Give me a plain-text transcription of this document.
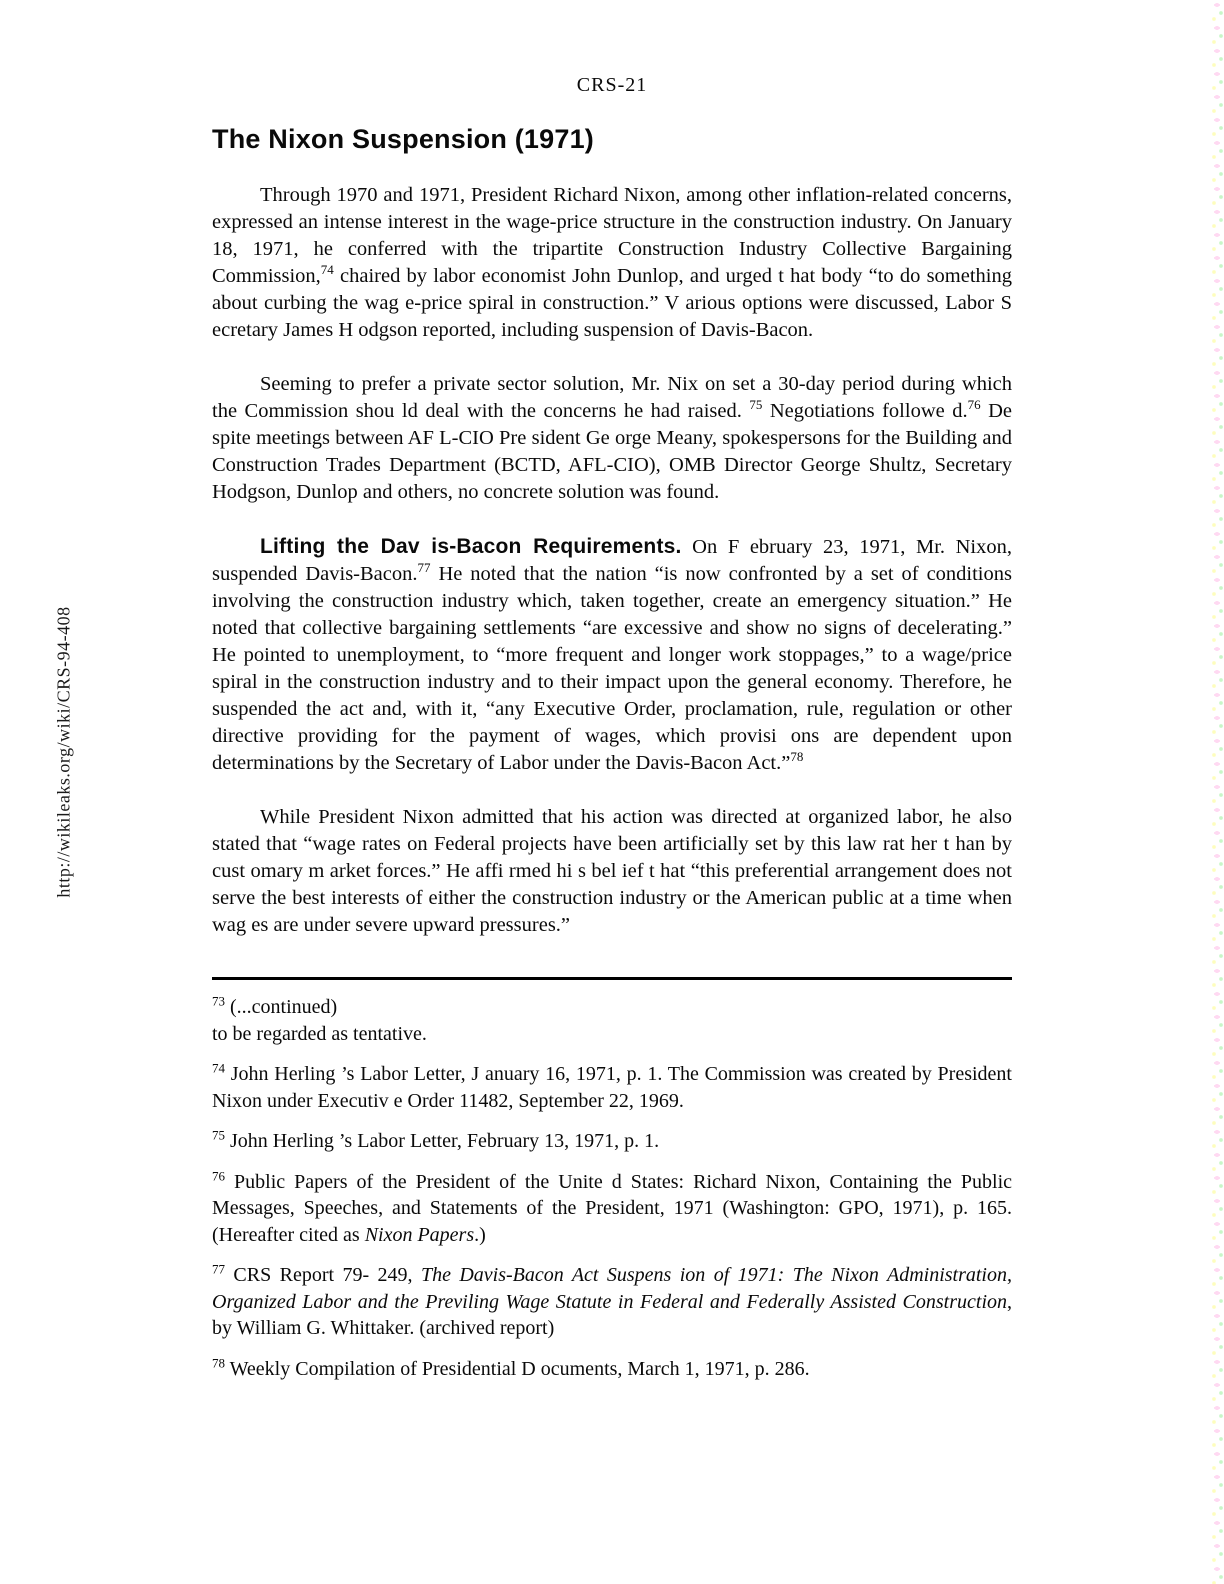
http://wikileaks.org/wiki/CRS-94-408
CRS-21
The Nixon Suspension (1971)

Through 1970 and 1971, President Richard Nixon, among other inflation-related concerns, expressed an intense interest in the wage-price structure in the construction industry. On January 18, 1971, he conferred with the tripartite Construction Industry Collective Bargaining Commission,$^{74}$ chaired by labor economist John Dunlop, and urged t hat body “to do something about curbing the wag e-price spiral in construction.” V arious options were discussed, Labor S ecretary James H odgson reported, including suspension of Davis-Bacon.

Seeming to prefer a private sector solution, Mr. Nix on set a 30-day period during which the Commission shou ld deal with the concerns he had raised. $^{75}$ Negotiations followe d.$^{76}$ De spite meetings between AF L-CIO Pre sident Ge orge Meany, spokespersons for the Building and Construction Trades Department (BCTD, AFL-CIO), OMB Director George Shultz, Secretary Hodgson, Dunlop and others, no concrete solution was found.

Lifting the Dav is-Bacon Requirements. On F ebruary 23, 1971, Mr. Nixon, suspended Davis-Bacon.$^{77}$ He noted that the nation “is now confronted by a set of conditions involving the construction industry which, taken together, create an emergency situation.” He noted that collective bargaining settlements “are excessive and show no signs of decelerating.” He pointed to unemployment, to “more frequent and longer work stoppages,” to a wage/price spiral in the construction industry and to their impact upon the general economy. Therefore, he suspended the act and, with it, “any Executive Order, proclamation, rule, regulation or other directive providing for the payment of wages, which provisi ons are dependent upon determinations by the Secretary of Labor under the Davis-Bacon Act.”$^{78}$

While President Nixon admitted that his action was directed at organized labor, he also stated that “wage rates on Federal projects have been artificially set by this law rat her t han by cust omary m arket forces.” He affi rmed hi s bel ief t hat “this preferential arrangement does not serve the best interests of either the construction industry or the American public at a time when wag es are under severe upward pressures.”

$^{73}$ (...continued)
to be regarded as tentative.

$^{74}$ John Herling ’s Labor Letter, J anuary 16, 1971, p. 1. The Commission was created by President Nixon under Executiv e Order 11482, September 22, 1969.

$^{75}$ John Herling ’s Labor Letter, February 13, 1971, p. 1.

$^{76}$ Public Papers of the President of the Unite d States: Richard Nixon, Containing the Public Messages, Speeches, and Statements of the President, 1971 (Washington: GPO, 1971), p. 165. (Hereafter cited as Nixon Papers.)

$^{77}$ CRS Report 79- 249, The Davis-Bacon Act Suspens ion of 1971: The Nixon Administration, Organized Labor and the Previling Wage Statute in Federal and Federally Assisted Construction, by William G. Whittaker. (archived report)

$^{78}$ Weekly Compilation of Presidential D ocuments, March 1, 1971, p. 286.
